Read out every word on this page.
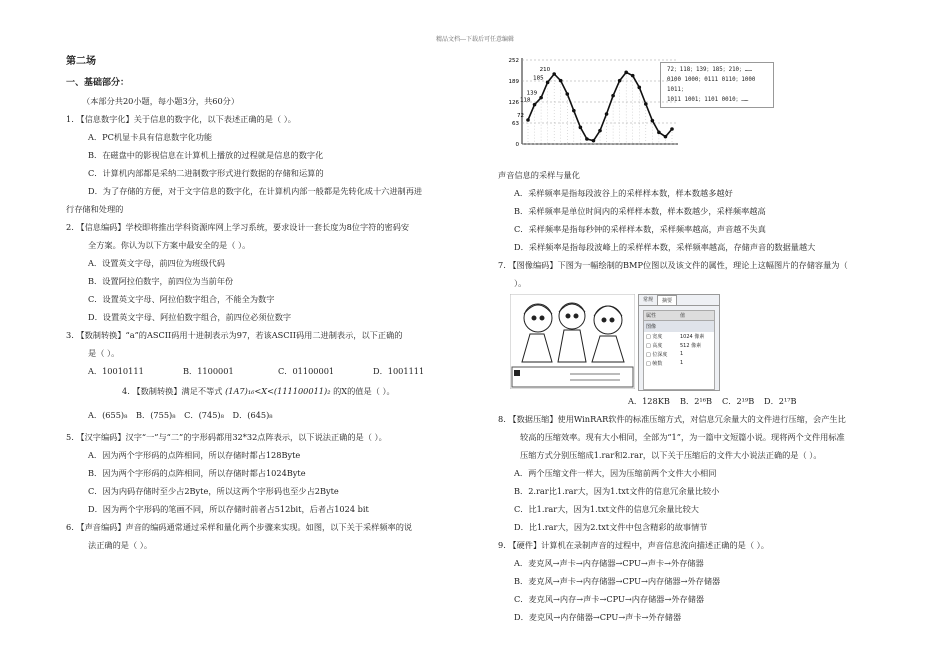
精品文档---下载后可任意编辑
第二场
一、基础部分：
（本部分共20小题，每小题3分，共60分）
1. 【信息数字化】关于信息的数字化，以下表述正确的是（ ）。
A．PC机显卡具有信息数字化功能
B．在磁盘中的影视信息在计算机上播放的过程就是信息的数字化
C．计算机内部都是采纳二进制数字形式进行数据的存储和运算的
D．为了存储的方便，对于文字信息的数字化，在计算机内部一般都是先转化成十六进制再进
行存储和处理的
2. 【信息编码】学校即将推出学科资源库网上学习系统，要求设计一套长度为8位字符的密码安
全方案。你认为以下方案中最安全的是（ ）。
A．设置英文字母，前四位为班级代码
B．设置阿拉伯数字，前四位为当前年份
C．设置英文字母、阿拉伯数字组合，不能全为数字
D．设置英文字母、阿拉伯数字组合，前四位必须位数字
3. 【数制转换】“a”的ASCII码用十进制表示为97，若该ASCII码用二进制表示，以下正确的
是（ ）。
A．10010111	B．1100001	C．01100001	D．1001111
4. 【数制转换】满足不等式 (1A7)₁₆<X<(111100011)₂ 的X的值是（ ）。
A．(655)₈ B．(755)₈ C．(745)₈ D．(645)₈
5. 【汉字编码】汉字“一”与“二”的字形码都用32*32点阵表示，以下说法正确的是（ ）。
A．因为两个字形码的点阵相同，所以存储时都占128Byte
B．因为两个字形码的点阵相同，所以存储时都占1024Byte
C．因为内码存储时至少占2Byte，所以这两个字形码也至少占2Byte
D．因为两个字形码的笔画不同，所以存储时前者占512bit，后者占1024 bit
6. 【声音编码】声音的编码通常通过采样和量化两个步骤来实现。如图，以下关于采样频率的说
法正确的是（ ）。
0
63
126
189
252
72
118
139
185
210	72；118；139；185；210；……
0100 1000；0111 0110；1000 1011；
1011 1001；1101 0010；……
声音信息的采样与量化
A．采样频率是指每段波谷上的采样样本数，样本数越多越好
B．采样频率是单位时间内的采样样本数，样本数越少，采样频率越高
C．采样频率是指每秒钟的采样样本数，采样频率越高，声音越不失真
D．采样频率是指每段波峰上的采样样本数，采样频率越高，存储声音的数据量越大
7. 【图像编码】下图为一幅绘制的BMP位图以及该文件的属性，理论上这幅图片的存储容量为（
）。
常规	摘要
属性	值
图像
□ 宽度	1024 像素
□ 高度	512 像素
□ 位深度	1
□ 帧数	1
A．128KB	B．2¹⁶B	C．2¹⁹B	D．2¹⁷B
8. 【数据压缩】使用WinRAR软件的标准压缩方式，对信息冗余量大的文件进行压缩，会产生比
较高的压缩效率。现有大小相同，全部为“1”，为一篇中文短篇小说。现将两个文件用标准
压缩方式分别压缩成1.rar和2.rar，以下关于压缩后的文件大小说法正确的是（ ）。
A．两个压缩文件一样大，因为压缩前两个文件大小相同
B．2.rar比1.rar大，因为1.txt文件的信息冗余量比较小
C．比1.rar大，因为1.txt文件的信息冗余量比较大
D．比1.rar大，因为2.txt文件中包含精彩的故事情节
9. 【硬件】计算机在录制声音的过程中，声音信息流向描述正确的是（ ）。
A．麦克风→声卡→内存储器→CPU→声卡→外存储器
B．麦克风→声卡→内存储器→CPU→内存储器→外存储器
C．麦克风→内存→声卡→CPU→内存储器→外存储器
D．麦克风→内存储器→CPU→声卡→外存储器
